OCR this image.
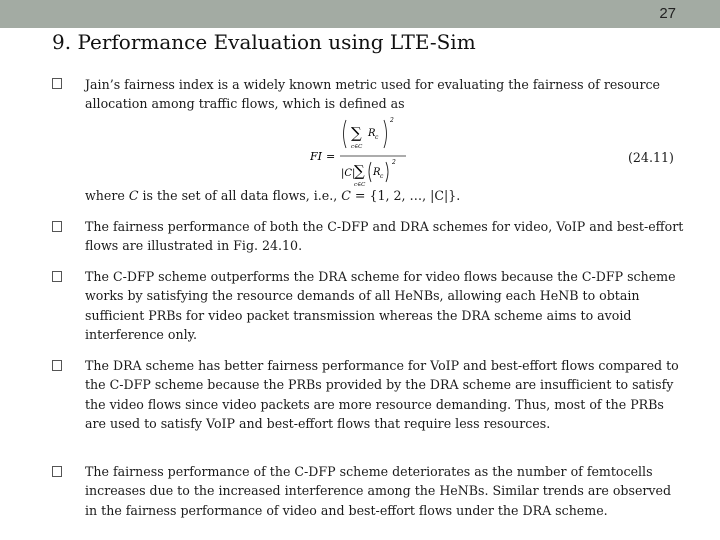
27
9. Performance Evaluation using LTE-Sim
Jain’s fairness index is a widely known metric used for evaluating the fairness of resource allocation among traffic flows, which is defined as
FI =
∑
c∈C
R c
2
|C|
∑
c∈C
R c
2	(24.11)
where C is the set of all data flows, i.e., C = {1, 2, …, |C|}.
The fairness performance of both the C-DFP and DRA schemes for video, VoIP and best-effort flows are illustrated in Fig. 24.10.
The C-DFP scheme outperforms the DRA scheme for video flows because the C-DFP scheme works by satisfying the resource demands of all HeNBs, allowing each HeNB to obtain sufficient PRBs for video packet transmission whereas the DRA scheme aims to avoid interference only.
The DRA scheme has better fairness performance for VoIP and best-effort flows compared to the C-DFP scheme because the PRBs provided by the DRA scheme are insufficient to satisfy the video flows since video packets are more resource demanding. Thus, most of the PRBs are used to satisfy VoIP and best-effort flows that require less resources.
The fairness performance of the C-DFP scheme deteriorates as the number of femtocells increases due to the increased interference among the HeNBs. Similar trends are observed in the fairness performance of video and best-effort flows under the DRA scheme.
